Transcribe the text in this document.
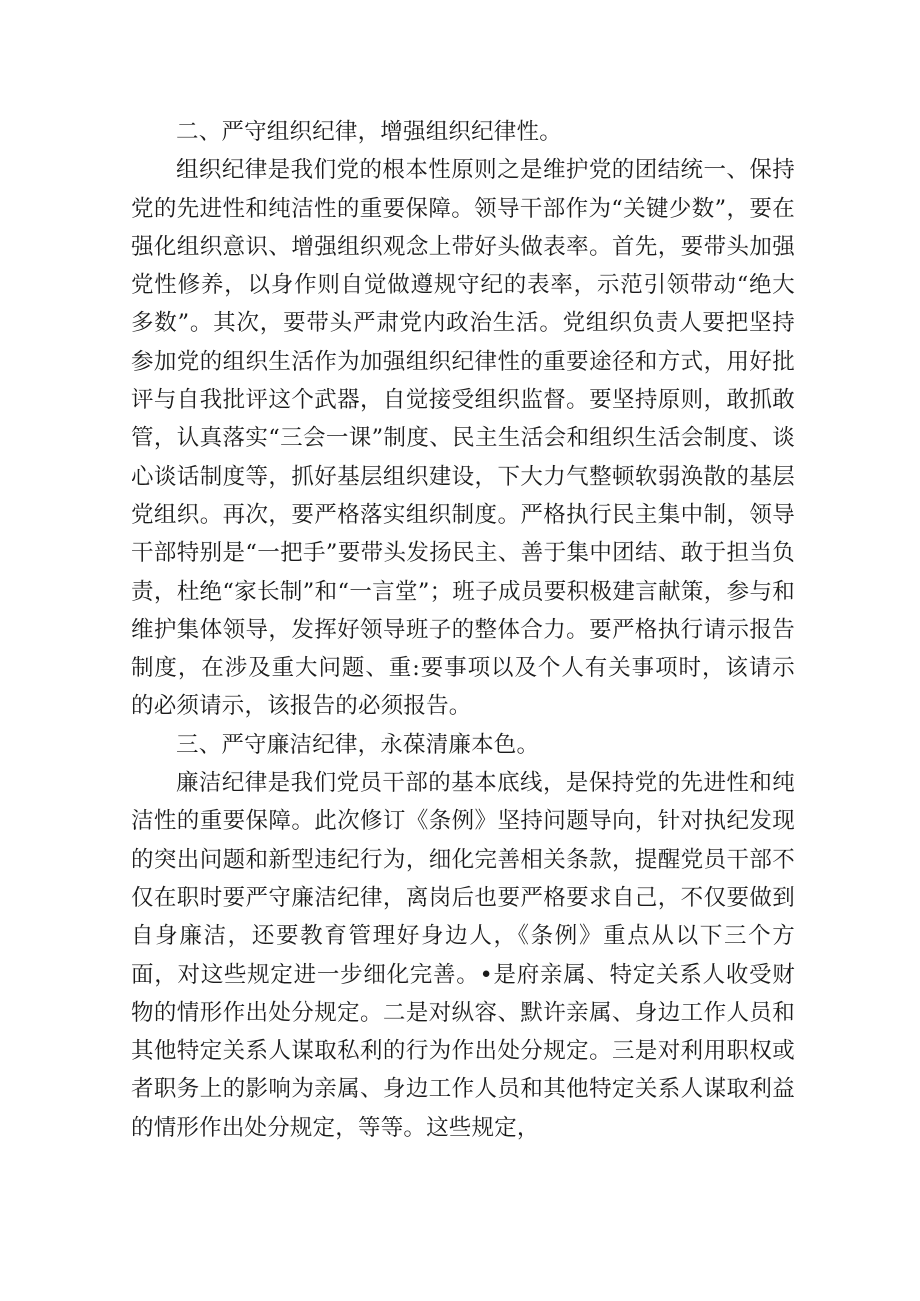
二、严守组织纪律，增强组织纪律性。

组织纪律是我们党的根本性原则之是维护党的团结统一、保持党的先进性和纯洁性的重要保障。领导干部作为“关键少数”，要在强化组织意识、增强组织观念上带好头做表率。首先，要带头加强党性修养，以身作则自觉做遵规守纪的表率，示范引领带动“绝大多数”。其次，要带头严肃党内政治生活。党组织负责人要把坚持参加党的组织生活作为加强组织纪律性的重要途径和方式，用好批评与自我批评这个武器，自觉接受组织监督。要坚持原则，敢抓敢管，认真落实“三会一课”制度、民主生活会和组织生活会制度、谈心谈话制度等，抓好基层组织建设，下大力气整顿软弱涣散的基层党组织。再次，要严格落实组织制度。严格执行民主集中制，领导干部特别是“一把手”要带头发扬民主、善于集中团结、敢于担当负责，杜绝“家长制”和“一言堂”；班子成员要积极建言献策，参与和维护集体领导，发挥好领导班子的整体合力。要严格执行请示报告制度，在涉及重大问题、重:要事项以及个人有关事项时，该请示的必须请示，该报告的必须报告。

三、严守廉洁纪律，永葆清廉本色。

廉洁纪律是我们党员干部的基本底线，是保持党的先进性和纯洁性的重要保障。此次修订《条例》坚持问题导向，针对执纪发现的突出问题和新型违纪行为，细化完善相关条款，提醒党员干部不仅在职时要严守廉洁纪律，离岗后也要严格要求自己，不仅要做到自身廉洁，还要教育管理好身边人，《条例》重点从以下三个方面，对这些规定进一步细化完善。•是府亲属、特定关系人收受财物的情形作出处分规定。二是对纵容、默许亲属、身边工作人员和其他特定关系人谋取私利的行为作出处分规定。三是对利用职权或者职务上的影响为亲属、身边工作人员和其他特定关系人谋取利益的情形作出处分规定，等等。这些规定，
